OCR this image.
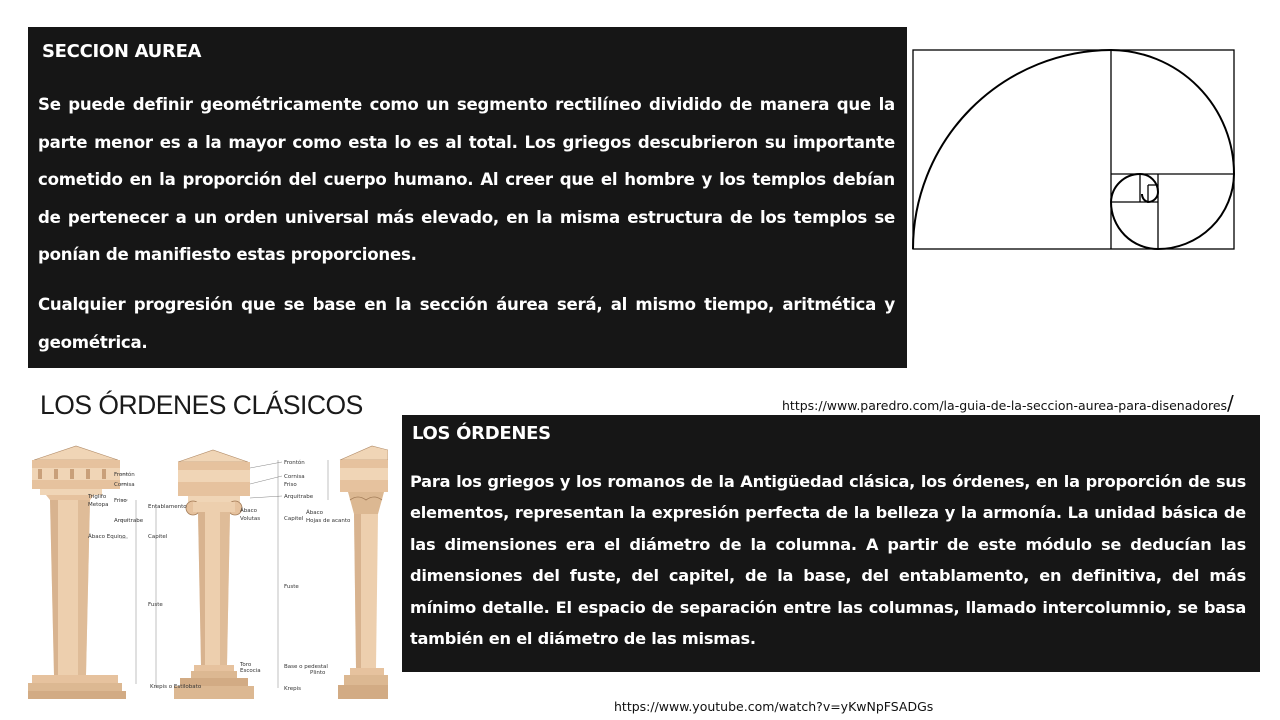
SECCION AUREA

Se puede definir geométricamente como un segmento rectilíneo dividido de manera que la parte menor es a la mayor como esta lo es al total. Los griegos descubrieron su importante cometido en la proporción del cuerpo humano. Al creer que el hombre y los templos debían de pertenecer a un orden universal más elevado, en la misma estructura de los templos se ponían de manifiesto estas proporciones.

Cualquier progresión que se base en la sección áurea será, al mismo tiempo, aritmética y geométrica.

https://www.paredro.com/la-guia-de-la-seccion-aurea-para-disenadores/

LOS ÓRDENES CLÁSICOS
Frontón
Cornisa
Triglifo
Friso
Metopa
Arquitrabe
Ábaco Equino
Krepis o Estilobato
Entablamento
Capitel
Fuste
Ábaco
Volutas
Toro
Escocia
Frontón
Cornisa
Friso
Arquitrabe
Capitel
Ábaco
Hojas de acanto
Fuste
Base o pedestal
Plinto
Krepis

LOS ÓRDENES

Para los griegos y los romanos de la Antigüedad clásica, los órdenes, en la proporción de sus elementos, representan la expresión perfecta de la belleza y la armonía. La unidad básica de las dimensiones era el diámetro de la columna. A partir de este módulo se deducían las dimensiones del fuste, del capitel, de la base, del entablamento, en definitiva, del más mínimo detalle. El espacio de separación entre las columnas, llamado intercolumnio, se basa también en el diámetro de las mismas.

https://www.youtube.com/watch?v=yKwNpFSADGs
